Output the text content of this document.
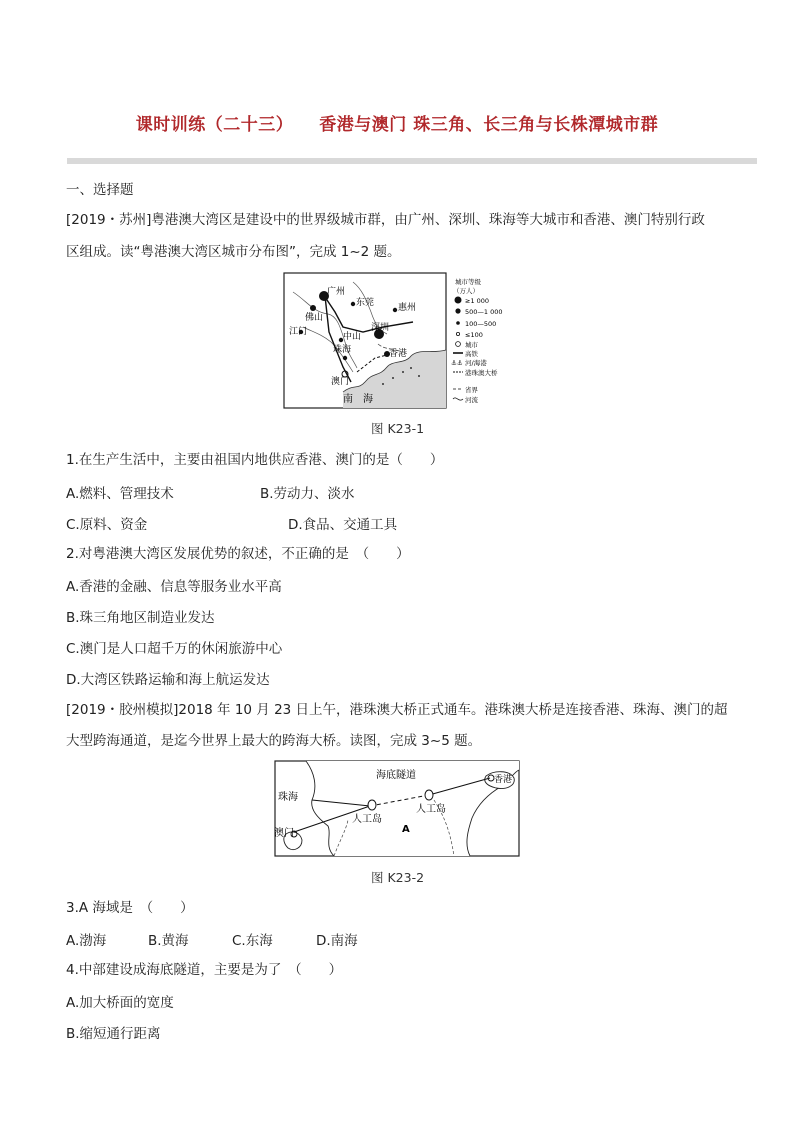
课时训练（二十三） 香港与澳门 珠三角、长三角与长株潭城市群
一、选择题
[2019・苏州]粤港澳大湾区是建设中的世界级城市群，由广州、深圳、珠海等大城市和香港、澳门特别行政
区组成。读“粤港澳大湾区城市分布图”，完成 1~2 题。
广州
东莞	惠州
佛山
江门	中山
深圳
珠海	香港
澳门
南　海
城市等级
（万人）
≥1 000
500—1 000
100—500
≤100
城市
高铁
⚓⚓ 河/海港
港珠澳大桥
省界
河流
图 K23-1
1.在生产生活中，主要由祖国内地供应香港、澳门的是（　　）
A.燃料、管理技术	B.劳动力、淡水
C.原料、资金	D.食品、交通工具
2.对粤港澳大湾区发展优势的叙述，不正确的是　（　　）
A.香港的金融、信息等服务业水平高
B.珠三角地区制造业发达
C.澳门是人口超千万的休闲旅游中心
D.大湾区铁路运输和海上航运发达
[2019・胶州模拟]2018 年 10 月 23 日上午，港珠澳大桥正式通车。港珠澳大桥是连接香港、珠海、澳门的超
大型跨海通道，是迄今世界上最大的跨海大桥。读图，完成 3~5 题。
海底隧道	香港
珠海
澳门
人工岛
人工岛
A
图 K23-2
3.A 海域是　（　　）
A.渤海	B.黄海	C.东海	D.南海
4.中部建设成海底隧道，主要是为了　（　　）
A.加大桥面的宽度
B.缩短通行距离
